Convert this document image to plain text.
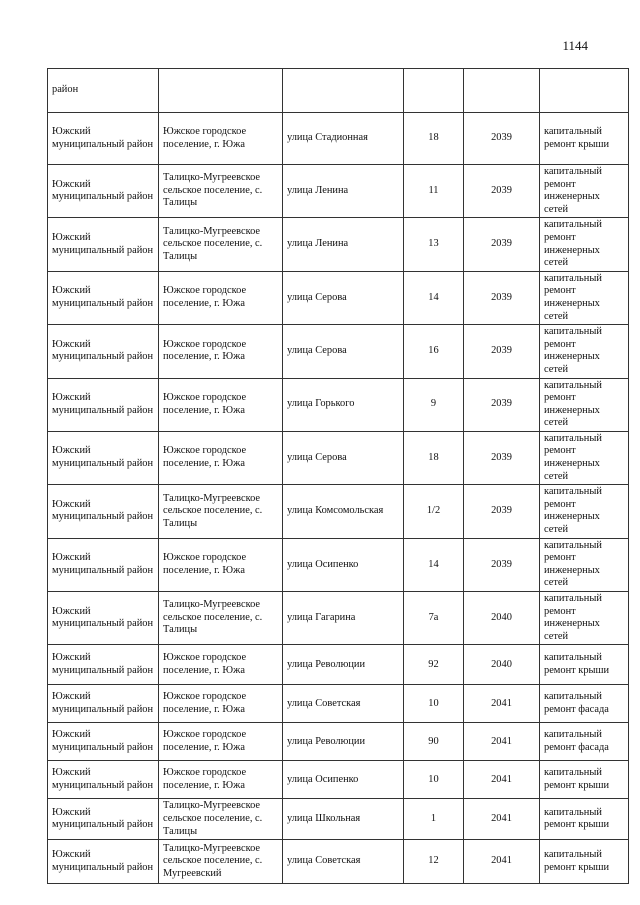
1144
район					
Южский муниципальный район	Южское городское поселение, г. Южа	улица Стадионная	18	2039	капитальный ремонт крыши
Южский муниципальный район	Талицко-Мугреевское сельское поселение, с. Талицы	улица Ленина	11	2039	капитальный ремонт инженерных сетей
Южский муниципальный район	Талицко-Мугреевское сельское поселение, с. Талицы	улица Ленина	13	2039	капитальный ремонт инженерных сетей
Южский муниципальный район	Южское городское поселение, г. Южа	улица Серова	14	2039	капитальный ремонт инженерных сетей
Южский муниципальный район	Южское городское поселение, г. Южа	улица Серова	16	2039	капитальный ремонт инженерных сетей
Южский муниципальный район	Южское городское поселение, г. Южа	улица Горького	9	2039	капитальный ремонт инженерных сетей
Южский муниципальный район	Южское городское поселение, г. Южа	улица Серова	18	2039	капитальный ремонт инженерных сетей
Южский муниципальный район	Талицко-Мугреевское сельское поселение, с. Талицы	улица Комсомольская	1/2	2039	капитальный ремонт инженерных сетей
Южский муниципальный район	Южское городское поселение, г. Южа	улица Осипенко	14	2039	капитальный ремонт инженерных сетей
Южский муниципальный район	Талицко-Мугреевское сельское поселение, с. Талицы	улица Гагарина	7а	2040	капитальный ремонт инженерных сетей
Южский муниципальный район	Южское городское поселение, г. Южа	улица Революции	92	2040	капитальный ремонт крыши
Южский муниципальный район	Южское городское поселение, г. Южа	улица Советская	10	2041	капитальный ремонт фасада
Южский муниципальный район	Южское городское поселение, г. Южа	улица Революции	90	2041	капитальный ремонт фасада
Южский муниципальный район	Южское городское поселение, г. Южа	улица Осипенко	10	2041	капитальный ремонт крыши
Южский муниципальный район	Талицко-Мугреевское сельское поселение, с. Талицы	улица Школьная	1	2041	капитальный ремонт крыши
Южский муниципальный район	Талицко-Мугреевское сельское поселение, с. Мугреевский	улица Советская	12	2041	капитальный ремонт крыши
